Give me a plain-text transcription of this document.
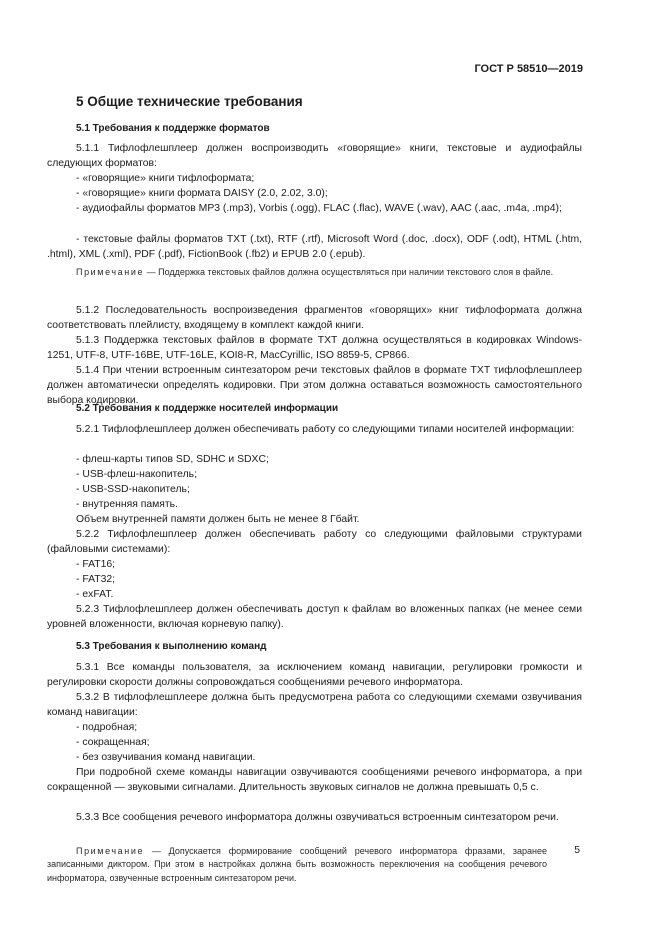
ГОСТ Р 58510—2019
5 Общие технические требования
5.1 Требования к поддержке форматов

5.1.1 Тифлофлешплеер должен воспроизводить «говорящие» книги, текстовые и аудиофайлы следующих форматов:

- «говорящие» книги тифлоформата;

- «говорящие» книги формата DAISY (2.0, 2.02, 3.0);

- аудиофайлы форматов MP3 (.mp3), Vorbis (.ogg), FLAC (.flac), WAVE (.wav), AAC (.aac, .m4a, .mp4);

- текстовые файлы форматов TXT (.txt), RTF (.rtf), Microsoft Word (.doc, .docx), ODF (.odt), HTML (.htm, .html), XML (.xml), PDF (.pdf), FictionBook (.fb2) и EPUB 2.0 (.epub).

Примечание — Поддержка текстовых файлов должна осуществляться при наличии текстового слоя в файле.

5.1.2 Последовательность воспроизведения фрагментов «говорящих» книг тифлоформата должна соответствовать плейлисту, входящему в комплект каждой книги.

5.1.3 Поддержка текстовых файлов в формате TXT должна осуществляться в кодировках Windows-1251, UTF-8, UTF-16BE, UTF-16LE, KOI8-R, MacCyrillic, ISO 8859-5, CP866.

5.1.4 При чтении встроенным синтезатором речи текстовых файлов в формате TXT тифлофлешплеер должен автоматически определять кодировки. При этом должна оставаться возможность самостоятельного выбора кодировки.

5.2 Требования к поддержке носителей информации

5.2.1 Тифлофлешплеер должен обеспечивать работу со следующими типами носителей информации:

- флеш-карты типов SD, SDHC и SDXC;

- USB-флеш-накопитель;

- USB-SSD-накопитель;

- внутренняя память.

Объем внутренней памяти должен быть не менее 8 Гбайт.

5.2.2 Тифлофлешплеер должен обеспечивать работу со следующими файловыми структурами (файловыми системами):

- FAT16;

- FAT32;

- exFAT.

5.2.3 Тифлофлешплеер должен обеспечивать доступ к файлам во вложенных папках (не менее семи уровней вложенности, включая корневую папку).

5.3 Требования к выполнению команд

5.3.1 Все команды пользователя, за исключением команд навигации, регулировки громкости и регулировки скорости должны сопровождаться сообщениями речевого информатора.

5.3.2 В тифлофлешплеере должна быть предусмотрена работа со следующими схемами озвучивания команд навигации:

- подробная;

- сокращенная;

- без озвучивания команд навигации.

При подробной схеме команды навигации озвучиваются сообщениями речевого информатора, а при сокращенной — звуковыми сигналами. Длительность звуковых сигналов не должна превышать 0,5 с.

5.3.3 Все сообщения речевого информатора должны озвучиваться встроенным синтезатором речи.

Примечание — Допускается формирование сообщений речевого информатора фразами, заранее записанными диктором. При этом в настройках должна быть возможность переключения на сообщения речевого информатора, озвученные встроенным синтезатором речи.

5
